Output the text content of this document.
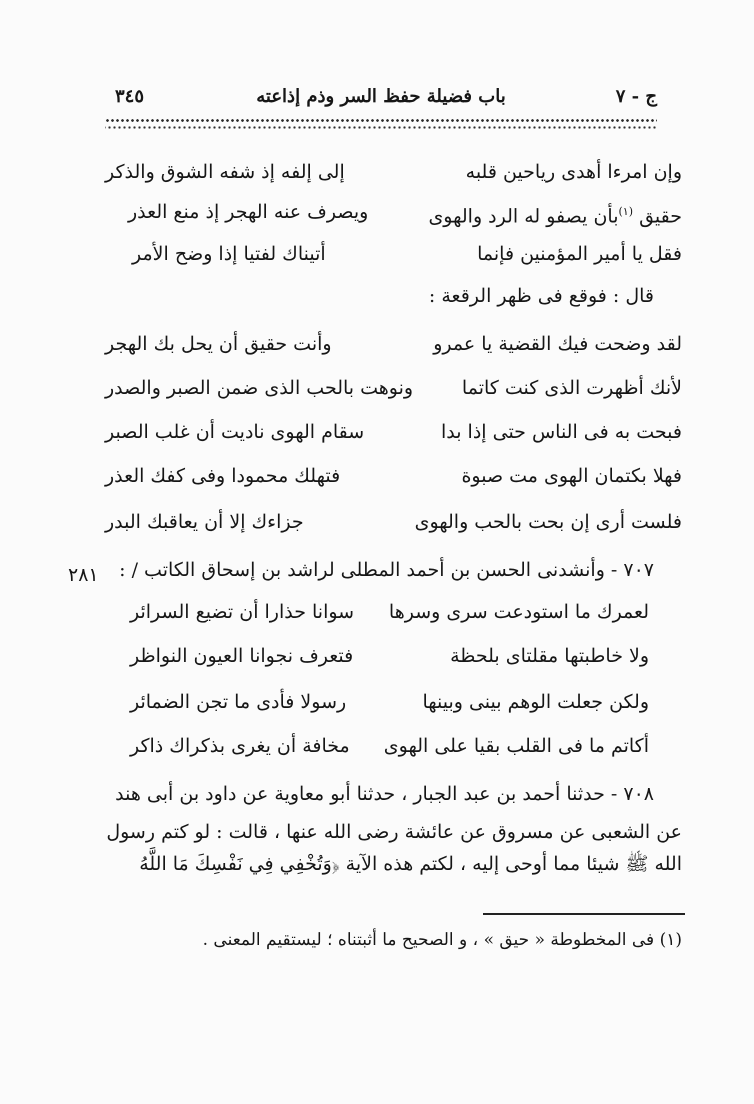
ج - ٧
باب فضيلة حفظ السر وذم إذاعته
٣٤٥
وإن امرءا أهدى رياحين قلبه
إلى إلفه إذ شفه الشوق والذكر
حقيق $^{(١)}$بأن يصفو له الرد والهوى
ويصرف عنه الهجر إذ منع العذر
فقل يا أمير المؤمنين فإنما
أتيناك لفتيا إذا وضح الأمر
قال : فوقع فى ظهر الرقعة :
لقد وضحت فيك القضية يا عمرو
وأنت حقيق أن يحل بك الهجر
لأنك أظهرت الذى كنت كاتما
ونوهت بالحب الذى ضمن الصبر والصدر
فبحت به فى الناس حتى إذا بدا
سقام الهوى ناديت أن غلب الصبر
فهلا بكتمان الهوى مت صبوة
فتهلك محمودا وفى كفك العذر
فلست أرى إن بحت بالحب والهوى
جزاءك إلا أن يعاقبك البدر
٧٠٧ - وأنشدنى الحسن بن أحمد المطلى لراشد بن إسحاق الكاتب / :
٢٨١
لعمرك ما استودعت سرى وسرها
سوانا حذارا أن تضيع السرائر
ولا خاطبتها مقلتاى بلحظة
فتعرف نجوانا العيون النواظر
ولكن جعلت الوهم بينى وبينها
رسولا فأدى ما تجن الضمائر
أكاتم ما فى القلب بقيا على الهوى
مخافة أن يغرى بذكراك ذاكر
٧٠٨ - حدثنا أحمد بن عبد الجبار ، حدثنا أبو معاوية عن داود بن أبى هند
عن الشعبى عن مسروق عن عائشة رضى الله عنها ، قالت : لو كتم رسول
الله ﷺ شيئا مما أوحى إليه ، لكتم هذه الآية ﴿وَتُخْفِي فِي نَفْسِكَ مَا اللَّهُ
(١) فى المخطوطة « حيق » ، و الصحيح ما أثبتناه ؛ ليستقيم المعنى .
